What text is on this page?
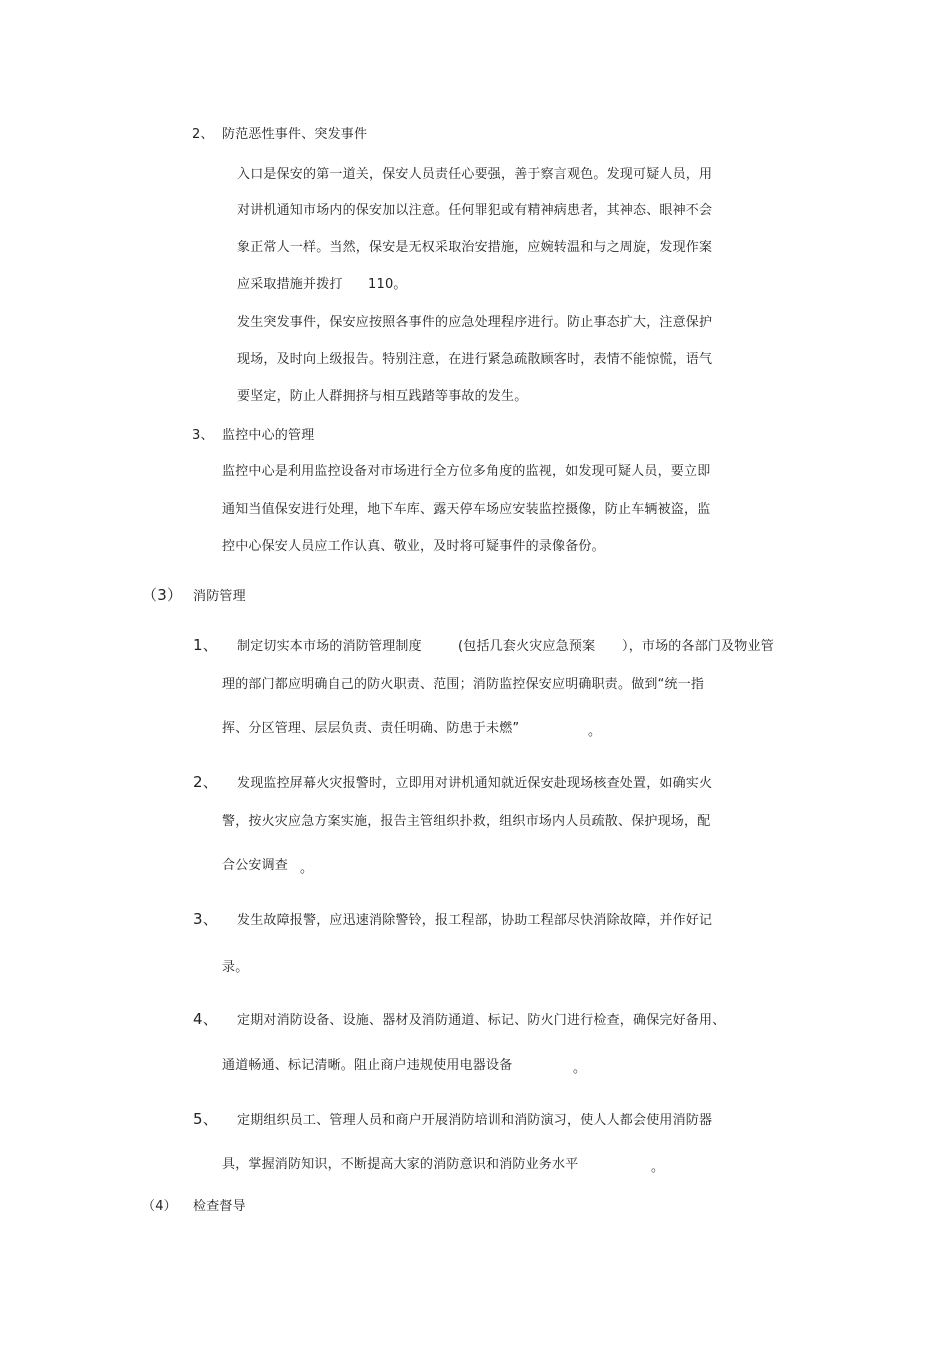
2、 防范恶性事件、突发事件
入口是保安的第一道关，保安人员责任心要强，善于察言观色。发现可疑人员，用
对讲机通知市场内的保安加以注意。任何罪犯或有精神病患者，其神态、眼神不会
象正常人一样。当然，保安是无权采取治安措施，应婉转温和与之周旋，发现作案
应采取措施并拨打 110。
发生突发事件，保安应按照各事件的应急处理程序进行。防止事态扩大，注意保护
现场，及时向上级报告。特别注意，在进行紧急疏散顾客时，表情不能惊慌，语气
要坚定，防止人群拥挤与相互践踏等事故的发生。
3、 监控中心的管理
监控中心是利用监控设备对市场进行全方位多角度的监视，如发现可疑人员，要立即
通知当值保安进行处理，地下车库、露天停车场应安装监控摄像，防止车辆被盗，监
控中心保安人员应工作认真、敬业，及时将可疑事件的录像备份。
（3） 消防管理
1、 制定切实本市场的消防管理制度	(包括几套火灾应急预案 ），市场的各部门及物业管
理的部门都应明确自己的防火职责、范围；消防监控保安应明确职责。做到“统一指
挥、分区管理、层层负责、责任明确、防患于未燃”	。
2、 发现监控屏幕火灾报警时，立即用对讲机通知就近保安赴现场核查处置，如确实火
警，按火灾应急方案实施，报告主管组织扑救，组织市场内人员疏散、保护现场，配
合公安调查 。
3、 发生故障报警，应迅速消除警铃，报工程部，协助工程部尽快消除故障，并作好记
录。
4、 定期对消防设备、设施、器材及消防通道、标记、防火门进行检查，确保完好备用、
通道畅通、标记清晰。阻止商户违规使用电器设备	。
5、 定期组织员工、管理人员和商户开展消防培训和消防演习，使人人都会使用消防器
具，掌握消防知识，不断提高大家的消防意识和消防业务水平	。
（4） 检查督导
